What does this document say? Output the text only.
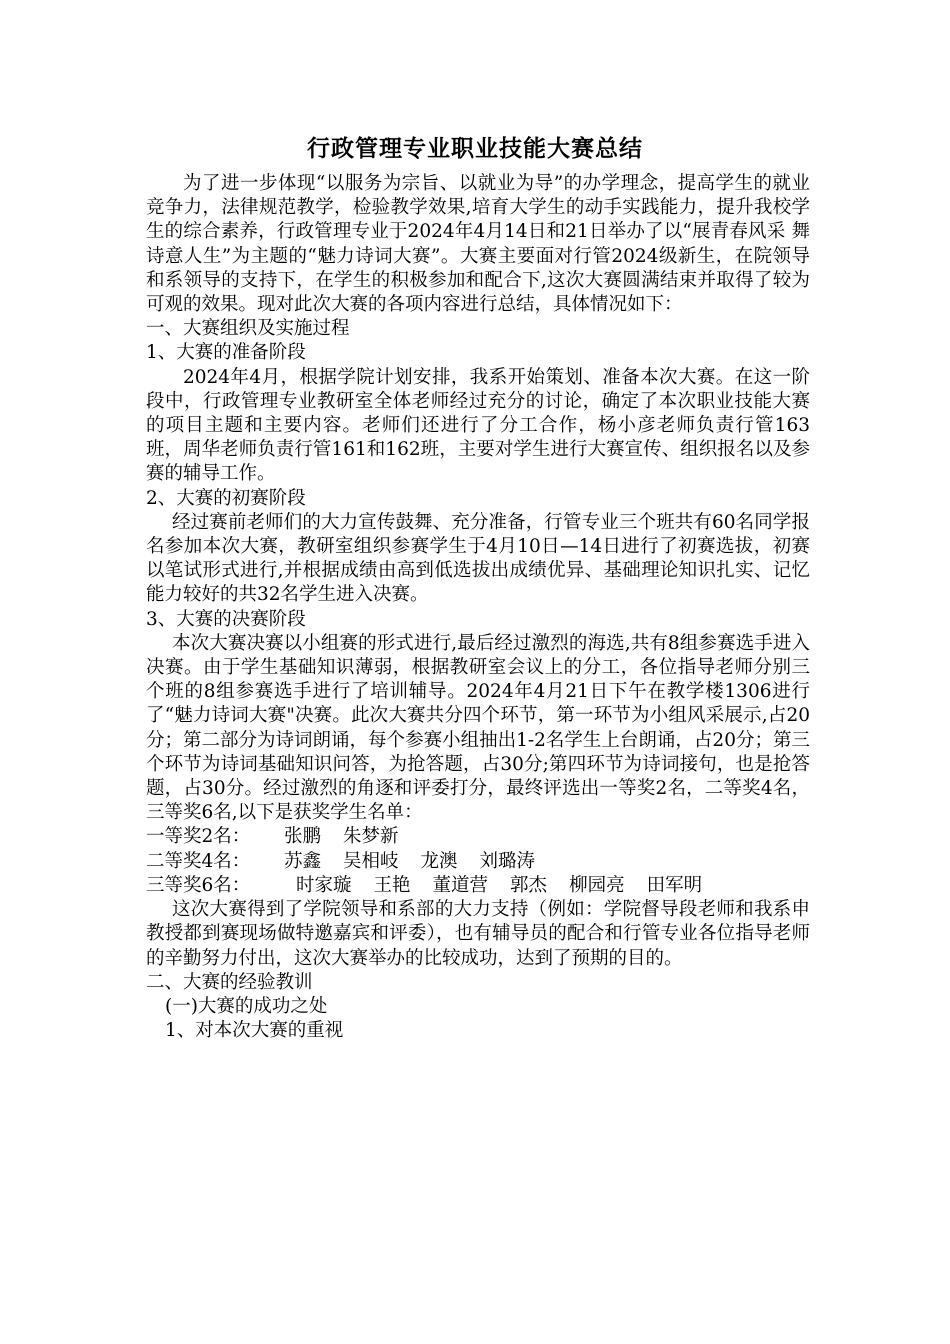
行政管理专业职业技能大赛总结

为了进一步体现“以服务为宗旨、以就业为导”的办学理念，提高学生的就业竞争力，法律规范教学，检验教学效果,培育大学生的动手实践能力，提升我校学生的综合素养，行政管理专业于2024年4月14日和21日举办了以“展青春风采 舞诗意人生”为主题的“魅力诗词大赛”。大赛主要面对行管2024级新生，在院领导和系领导的支持下，在学生的积极参加和配合下,这次大赛圆满结束并取得了较为可观的效果。现对此次大赛的各项内容进行总结，具体情况如下：

一、大赛组织及实施过程

1、大赛的准备阶段

2024年4月，根据学院计划安排，我系开始策划、准备本次大赛。在这一阶段中，行政管理专业教研室全体老师经过充分的讨论，确定了本次职业技能大赛的项目主题和主要内容。老师们还进行了分工合作，杨小彦老师负责行管163班，周华老师负责行管161和162班，主要对学生进行大赛宣传、组织报名以及参赛的辅导工作。

2、大赛的初赛阶段

经过赛前老师们的大力宣传鼓舞、充分准备，行管专业三个班共有60名同学报名参加本次大赛，教研室组织参赛学生于4月10日—14日进行了初赛选拔，初赛以笔试形式进行,并根据成绩由高到低选拔出成绩优异、基础理论知识扎实、记忆能力较好的共32名学生进入决赛。

3、大赛的决赛阶段

本次大赛决赛以小组赛的形式进行,最后经过激烈的海选,共有8组参赛选手进入决赛。由于学生基础知识薄弱，根据教研室会议上的分工，各位指导老师分别三个班的8组参赛选手进行了培训辅导。2024年4月21日下午在教学楼1306进行了“魅力诗词大赛"决赛。此次大赛共分四个环节，第一环节为小组风采展示,占20分；第二部分为诗词朗诵，每个参赛小组抽出1-2名学生上台朗诵，占20分；第三个环节为诗词基础知识问答，为抢答题，占30分;第四环节为诗词接句，也是抢答题，占30分。经过激烈的角逐和评委打分，最终评选出一等奖2名，二等奖4名，三等奖6名,以下是获奖学生名单：

一等奖2名： 张鹏 朱梦新

二等奖4名： 苏鑫 吴相岐 龙澳 刘璐涛

三等奖6名： 时家璇 王艳 董道营 郭杰 柳园亮 田军明

这次大赛得到了学院领导和系部的大力支持（例如：学院督导段老师和我系申教授都到赛现场做特邀嘉宾和评委），也有辅导员的配合和行管专业各位指导老师的辛勤努力付出，这次大赛举办的比较成功，达到了预期的目的。

二、大赛的经验教训

(一)大赛的成功之处

1、对本次大赛的重视
